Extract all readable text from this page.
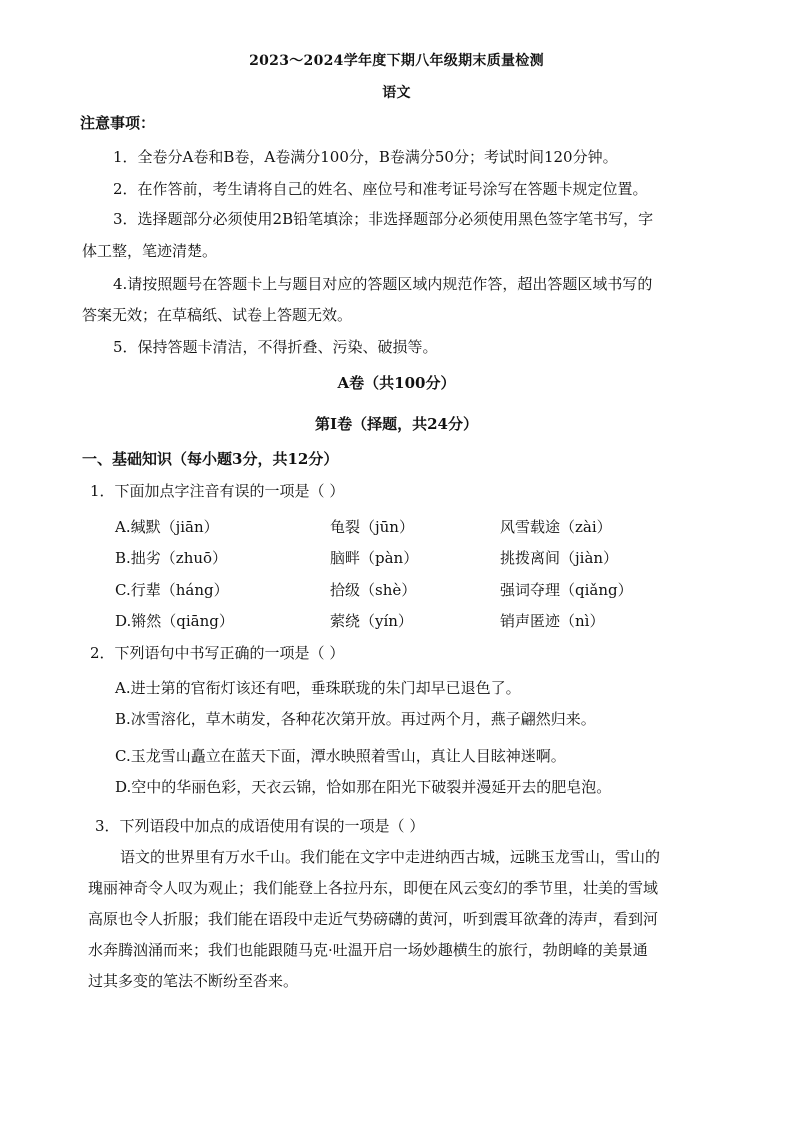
2023～2024学年度下期八年级期末质量检测
语文
注意事项：
1．全卷分A卷和B卷，A卷满分100分，B卷满分50分；考试时间120分钟。
2．在作答前，考生请将自己的姓名、座位号和准考证号涂写在答题卡规定位置。
3．选择题部分必须使用2B铅笔填涂；非选择题部分必须使用黑色签字笔书写，字
体工整，笔迹清楚。
4.请按照题号在答题卡上与题目对应的答题区域内规范作答，超出答题区域书写的
答案无效；在草稿纸、试卷上答题无效。
5．保持答题卡清洁，不得折叠、污染、破损等。
A卷（共100分）
第Ⅰ卷（择题，共24分）
一、基础知识（每小题3分，共12分）
1．下面加点字注音有误的一项是（ ）
A.缄默（jiān）	龟裂（jūn）	风雪载途（zài）
B.拙劣（zhuō）	脑畔（pàn）	挑拨离间（jiàn）
C.行辈（háng）	拾级（shè）	强词夺理（qiǎng）
D.锵然（qiāng）	萦绕（yín）	销声匿迹（nì）
2．下列语句中书写正确的一项是（ ）
A.进士第的官衔灯该还有吧，垂珠联珑的朱门却早已退色了。
B.冰雪溶化，草木萌发，各种花次第开放。再过两个月，燕子翩然归来。
C.玉龙雪山矗立在蓝天下面，潭水映照着雪山，真让人目眩神迷啊。
D.空中的华丽色彩，天衣云锦，恰如那在阳光下破裂并漫延开去的肥皂泡。
3．下列语段中加点的成语使用有误的一项是（ ）
语文的世界里有万水千山。我们能在文字中走进纳西古城，远眺玉龙雪山，雪山的
瑰丽神奇令人叹为观止；我们能登上各拉丹东，即便在风云变幻的季节里，壮美的雪域
高原也令人折服；我们能在语段中走近气势磅礴的黄河，听到震耳欲聋的涛声，看到河
水奔腾汹涌而来；我们也能跟随马克·吐温开启一场妙趣横生的旅行，勃朗峰的美景通
过其多变的笔法不断纷至沓来。
